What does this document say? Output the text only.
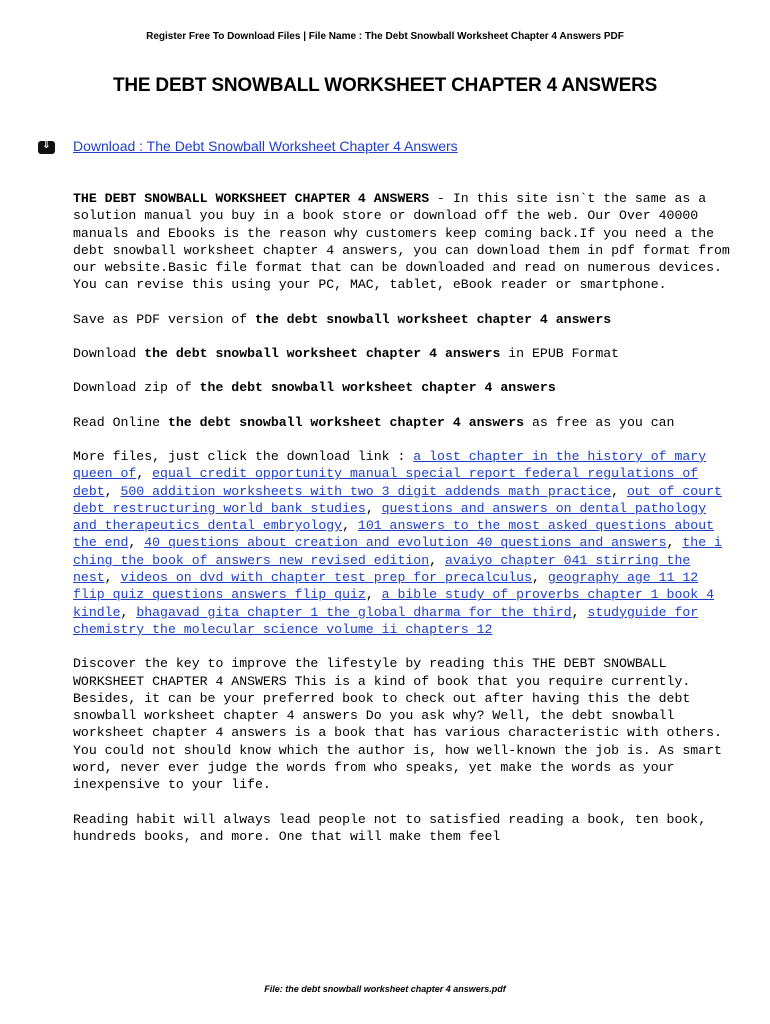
Register Free To Download Files | File Name : The Debt Snowball Worksheet Chapter 4 Answers PDF
THE DEBT SNOWBALL WORKSHEET CHAPTER 4 ANSWERS
⇓	Download : The Debt Snowball Worksheet Chapter 4 Answers

THE DEBT SNOWBALL WORKSHEET CHAPTER 4 ANSWERS - In this site isn`t the same as a solution manual you buy in a book store or download off the web. Our Over 40000 manuals and Ebooks is the reason why customers keep coming back.If you need a the debt snowball worksheet chapter 4 answers, you can download them in pdf format from our website.Basic file format that can be downloaded and read on numerous devices. You can revise this using your PC, MAC, tablet, eBook reader or smartphone.

Save as PDF version of the debt snowball worksheet chapter 4 answers

Download the debt snowball worksheet chapter 4 answers in EPUB Format

Download zip of the debt snowball worksheet chapter 4 answers

Read Online the debt snowball worksheet chapter 4 answers as free as you can

More files, just click the download link : a lost chapter in the history of mary queen of, equal credit opportunity manual special report federal regulations of debt, 500 addition worksheets with two 3 digit addends math practice, out of court debt restructuring world bank studies, questions and answers on dental pathology and therapeutics dental embryology, 101 answers to the most asked questions about the end, 40 questions about creation and evolution 40 questions and answers, the i ching the book of answers new revised edition, avaiyo chapter 041 stirring the nest, videos on dvd with chapter test prep for precalculus, geography age 11 12 flip quiz questions answers flip quiz, a bible study of proverbs chapter 1 book 4 kindle, bhagavad gita chapter 1 the global dharma for the third, studyguide for chemistry the molecular science volume ii chapters 12

Discover the key to improve the lifestyle by reading this THE DEBT SNOWBALL WORKSHEET CHAPTER 4 ANSWERS This is a kind of book that you require currently. Besides, it can be your preferred book to check out after having this the debt snowball worksheet chapter 4 answers Do you ask why? Well, the debt snowball worksheet chapter 4 answers is a book that has various characteristic with others. You could not should know which the author is, how well-known the job is. As smart word, never ever judge the words from who speaks, yet make the words as your inexpensive to your life.

Reading habit will always lead people not to satisfied reading a book, ten book, hundreds books, and more. One that will make them feel

File: the debt snowball worksheet chapter 4 answers.pdf
